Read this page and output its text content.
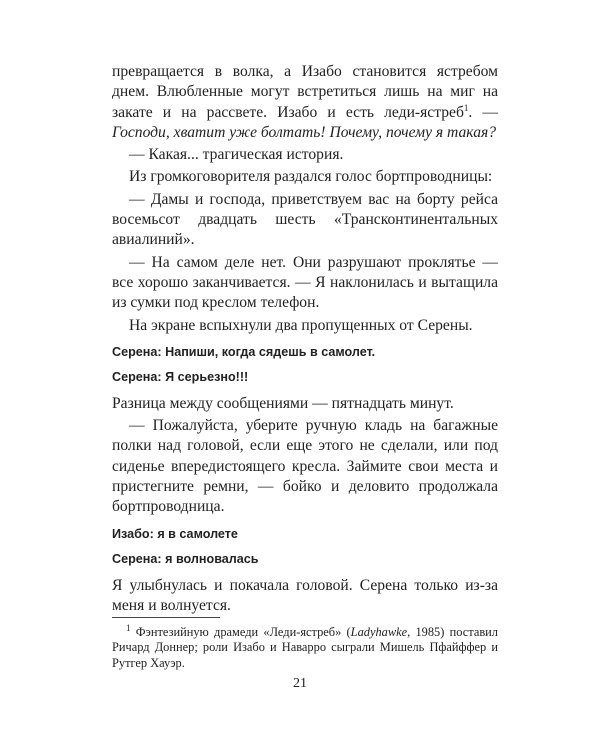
превращается в волка, а Изабо становится ястребом днем. Влюбленные могут встретиться лишь на миг на закате и на рассвете. Изабо и есть леди-ястреб$^1$. — Господи, хватит уже болтать! Почему, почему я такая?

— Какая... трагическая история.

Из громкоговорителя раздался голос бортпроводницы:

— Дамы и господа, приветствуем вас на борту рейса восемьсот двадцать шесть «Трансконтинентальных авиалиний».

— На самом деле нет. Они разрушают проклятье — все хорошо заканчивается. — Я наклонилась и вытащила из сумки под креслом телефон.

На экране вспыхнули два пропущенных от Серены.

Серена: Напиши, когда сядешь в самолет.
Серена: Я серьезно!!!

Разница между сообщениями — пятнадцать минут.

— Пожалуйста, уберите ручную кладь на багажные полки над головой, если еще этого не сделали, или под сиденье впередистоящего кресла. Займите свои места и пристегните ремни, — бойко и деловито продолжала бортпроводница.

Изабо: я в самолете
Серена: я волновалась

Я улыбнулась и покачала головой. Серена только из-за меня и волнуется.

$^1$ Фэнтезийную драмеди «Леди-ястреб» (Ladyhawke, 1985) поставил Ричард Доннер; роли Изабо и Наварро сыграли Мишель Пфайффер и Рутгер Хауэр.
21
